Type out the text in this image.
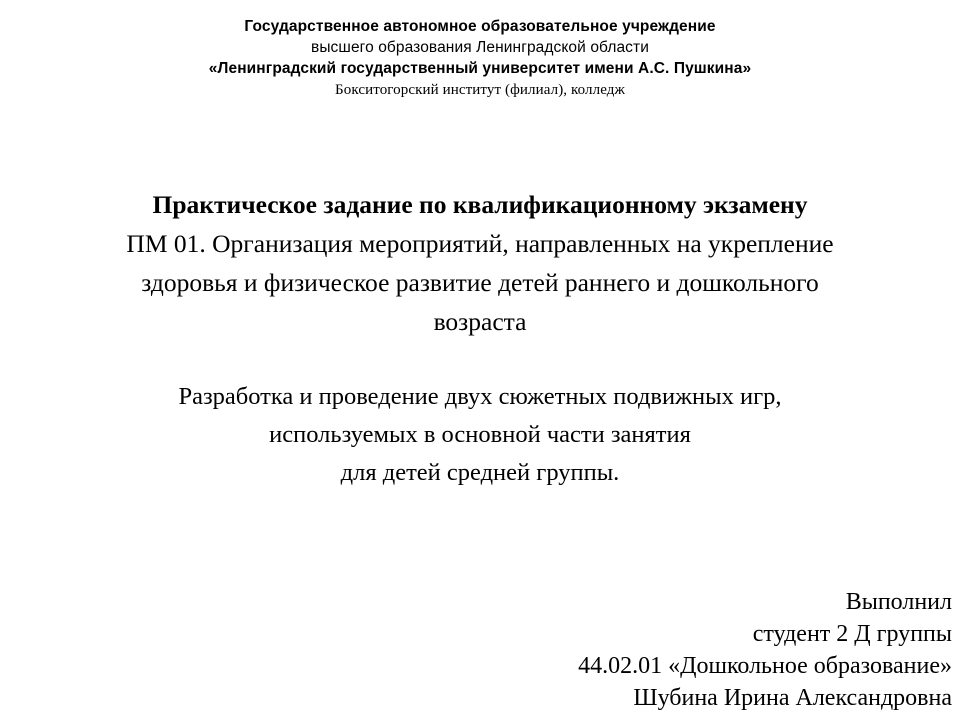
Государственное автономное образовательное учреждение
высшего образования Ленинградской области
«Ленинградский государственный университет имени А.С. Пушкина»
Бокситогорский институт (филиал), колледж
Практическое задание по квалификационному экзамену
ПМ 01. Организация мероприятий, направленных на укрепление
здоровья и физическое развитие детей раннего и дошкольного
возраста
Разработка и проведение двух сюжетных подвижных игр,
используемых в основной части занятия
для детей средней группы.
Выполнил
студент 2 Д группы
44.02.01 «Дошкольное образование»
Шубина Ирина Александровна
